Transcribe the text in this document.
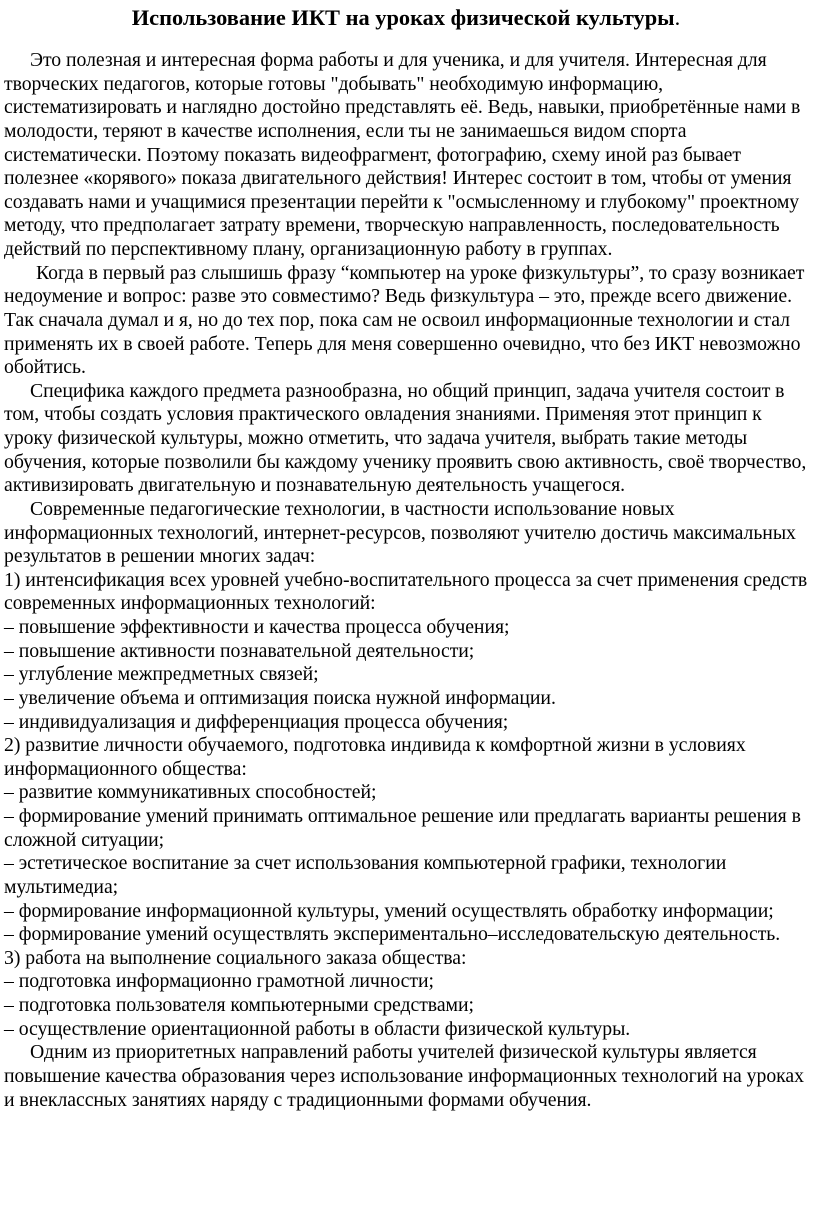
Использование ИКТ на уроках физической культуры.

Это полезная и интересная форма работы и для ученика, и для учителя. Интересная для творческих педагогов, которые готовы "добывать" необходимую информацию, систематизировать и наглядно достойно представлять её. Ведь, навыки, приобретённые нами в молодости, теряют в качестве исполнения, если ты не занимаешься видом спорта систематически. Поэтому показать видеофрагмент, фотографию, схему иной раз бывает полезнее «корявого» показа двигательного действия! Интерес состоит в том, чтобы от умения создавать нами и учащимися презентации перейти к "осмысленному и глубокому" проектному методу, что предполагает затрату времени, творческую направленность, последовательность действий по перспективному плану, организационную работу в группах.

Когда в первый раз слышишь фразу “компьютер на уроке физкультуры”, то сразу возникает недоумение и вопрос: разве это совместимо? Ведь физкультура – это, прежде всего движение. Так сначала думал и я, но до тех пор, пока сам не освоил информационные технологии и стал применять их в своей работе. Теперь для меня совершенно очевидно, что без ИКТ невозможно обойтись.

Специфика каждого предмета разнообразна, но общий принцип, задача учителя состоит в том, чтобы создать условия практического овладения знаниями. Применяя этот принцип к уроку физической культуры, можно отметить, что задача учителя, выбрать такие методы обучения, которые позволили бы каждому ученику проявить свою активность, своё творчество, активизировать двигательную и познавательную деятельность учащегося.

Современные педагогические технологии, в частности использование новых информационных технологий, интернет-ресурсов, позволяют учителю достичь максимальных результатов в решении многих задач:

1) интенсификация всех уровней учебно-воспитательного процесса за счет применения средств современных информационных технологий:

– повышение эффективности и качества процесса обучения;

– повышение активности познавательной деятельности;

– углубление межпредметных связей;

– увеличение объема и оптимизация поиска нужной информации.

– индивидуализация и дифференциация процесса обучения;

2) развитие личности обучаемого, подготовка индивида к комфортной жизни в условиях информационного общества:

– развитие коммуникативных способностей;

– формирование умений принимать оптимальное решение или предлагать варианты решения в сложной ситуации;

– эстетическое воспитание за счет использования компьютерной графики, технологии мультимедиа;

– формирование информационной культуры, умений осуществлять обработку информации;

– формирование умений осуществлять экспериментально–исследовательскую деятельность.

3) работа на выполнение социального заказа общества:

– подготовка информационно грамотной личности;

– подготовка пользователя компьютерными средствами;

– осуществление ориентационной работы в области физической культуры.

Одним из приоритетных направлений работы учителей физической культуры является повышение качества образования через использование информационных технологий на уроках и внеклассных занятиях наряду с традиционными формами обучения.
